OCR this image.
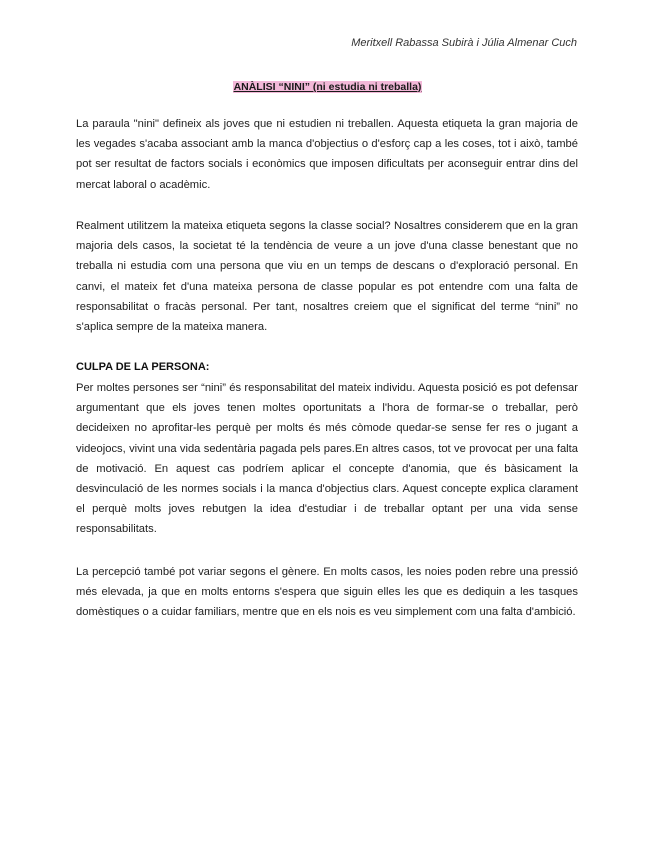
Meritxell Rabassa Subirà i Júlia Almenar Cuch
ANÀLISI “NINI” (ni estudia ni treballa)

La paraula "nini" defineix als joves que ni estudien ni treballen. Aquesta etiqueta la gran majoria de les vegades s'acaba associant amb la manca d'objectius o d'esforç cap a les coses, tot i això, també pot ser resultat de factors socials i econòmics que imposen dificultats per aconseguir entrar dins del mercat laboral o acadèmic.

Realment utilitzem la mateixa etiqueta segons la classe social? Nosaltres considerem que en la gran majoria dels casos, la societat té la tendència de veure a un jove d'una classe benestant que no treballa ni estudia com una persona que viu en un temps de descans o d'exploració personal. En canvi, el mateix fet d'una mateixa persona de classe popular es pot entendre com una falta de responsabilitat o fracàs personal. Per tant, nosaltres creiem que el significat del terme “nini” no s'aplica sempre de la mateixa manera.

CULPA DE LA PERSONA:

Per moltes persones ser “nini” és responsabilitat del mateix individu. Aquesta posició es pot defensar argumentant que els joves tenen moltes oportunitats a l'hora de formar-se o treballar, però decideixen no aprofitar-les perquè per molts és més còmode quedar-se sense fer res o jugant a videojocs, vivint una vida sedentària pagada pels pares.En altres casos, tot ve provocat per una falta de motivació. En aquest cas podríem aplicar el concepte d'anomia, que és bàsicament la desvinculació de les normes socials i la manca d'objectius clars. Aquest concepte explica clarament el perquè molts joves rebutgen la idea d'estudiar i de treballar optant per una vida sense responsabilitats.

La percepció també pot variar segons el gènere. En molts casos, les noies poden rebre una pressió més elevada, ja que en molts entorns s'espera que siguin elles les que es dediquin a les tasques domèstiques o a cuidar familiars, mentre que en els nois es veu simplement com una falta d'ambició.
